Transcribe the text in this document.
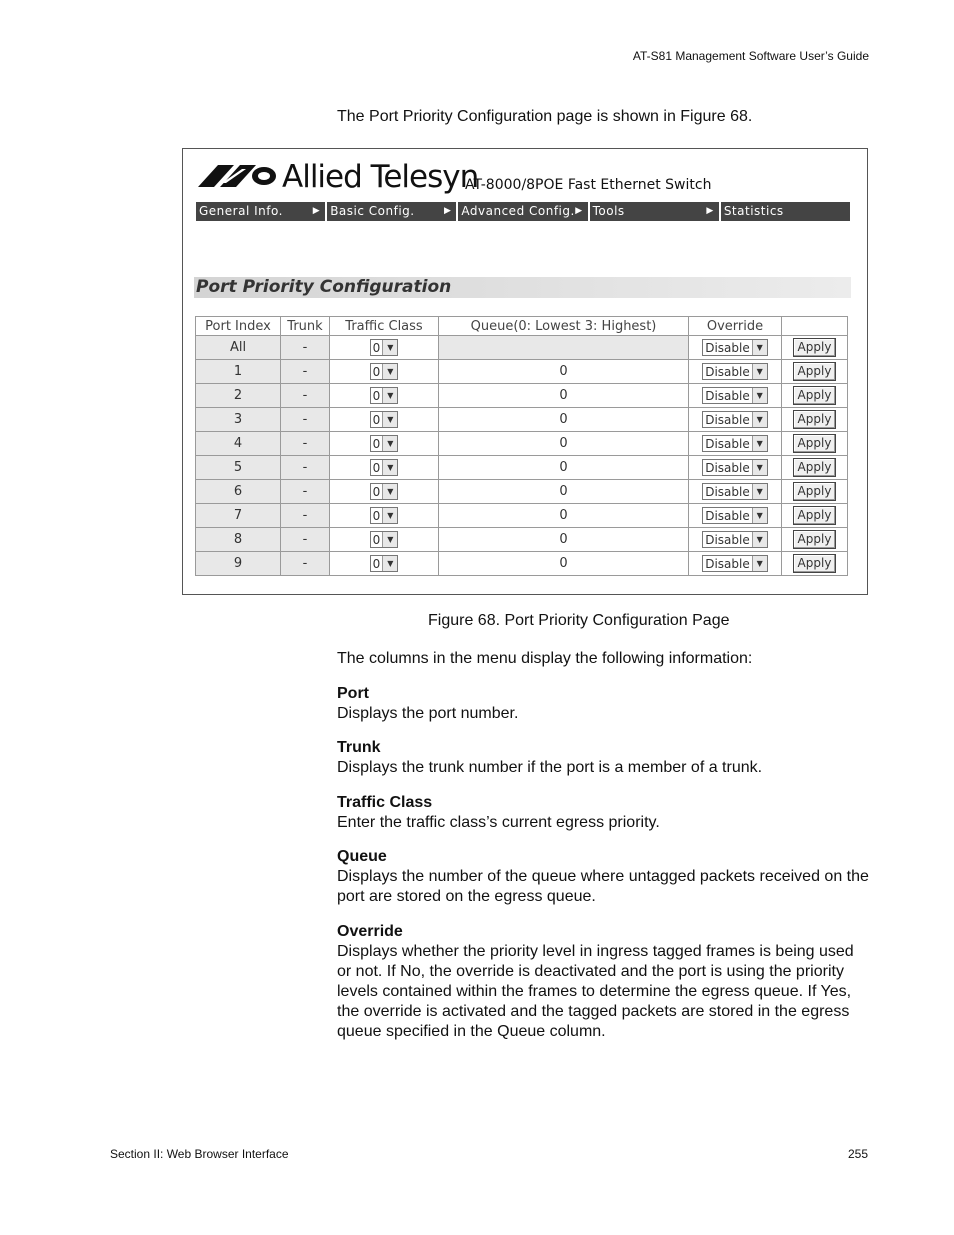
AT-S81 Management Software User’s Guide
The Port Priority Configuration page is shown in Figure 68.
Allied Telesyn
AT-8000/8POE Fast Ethernet Switch
General Info.	▶ Basic Config.	▶ Advanced Config. ▶ Tools	▶ Statistics
Port Priority Configuration
Port Index	Trunk	Traffic Class	Queue(0: Lowest 3: Highest)	Override	
All	-	0 ▼		Disable ▼	Apply
1	-	0 ▼	0	Disable ▼	Apply
2	-	0 ▼	0	Disable ▼	Apply
3	-	0 ▼	0	Disable ▼	Apply
4	-	0 ▼	0	Disable ▼	Apply
5	-	0 ▼	0	Disable ▼	Apply
6	-	0 ▼	0	Disable ▼	Apply
7	-	0 ▼	0	Disable ▼	Apply
8	-	0 ▼	0	Disable ▼	Apply
9	-	0 ▼	0	Disable ▼	Apply
Figure 68. Port Priority Configuration Page
The columns in the menu display the following information:
Port
Displays the port number.
Trunk
Displays the trunk number if the port is a member of a trunk.
Traffic Class
Enter the traffic class’s current egress priority.
Queue
Displays the number of the queue where untagged packets received on the port are stored on the egress queue.
Override
Displays whether the priority level in ingress tagged frames is being used or not. If No, the override is deactivated and the port is using the priority levels contained within the frames to determine the egress queue. If Yes, the override is activated and the tagged packets are stored in the egress queue specified in the Queue column.
Section II: Web Browser Interface	255
